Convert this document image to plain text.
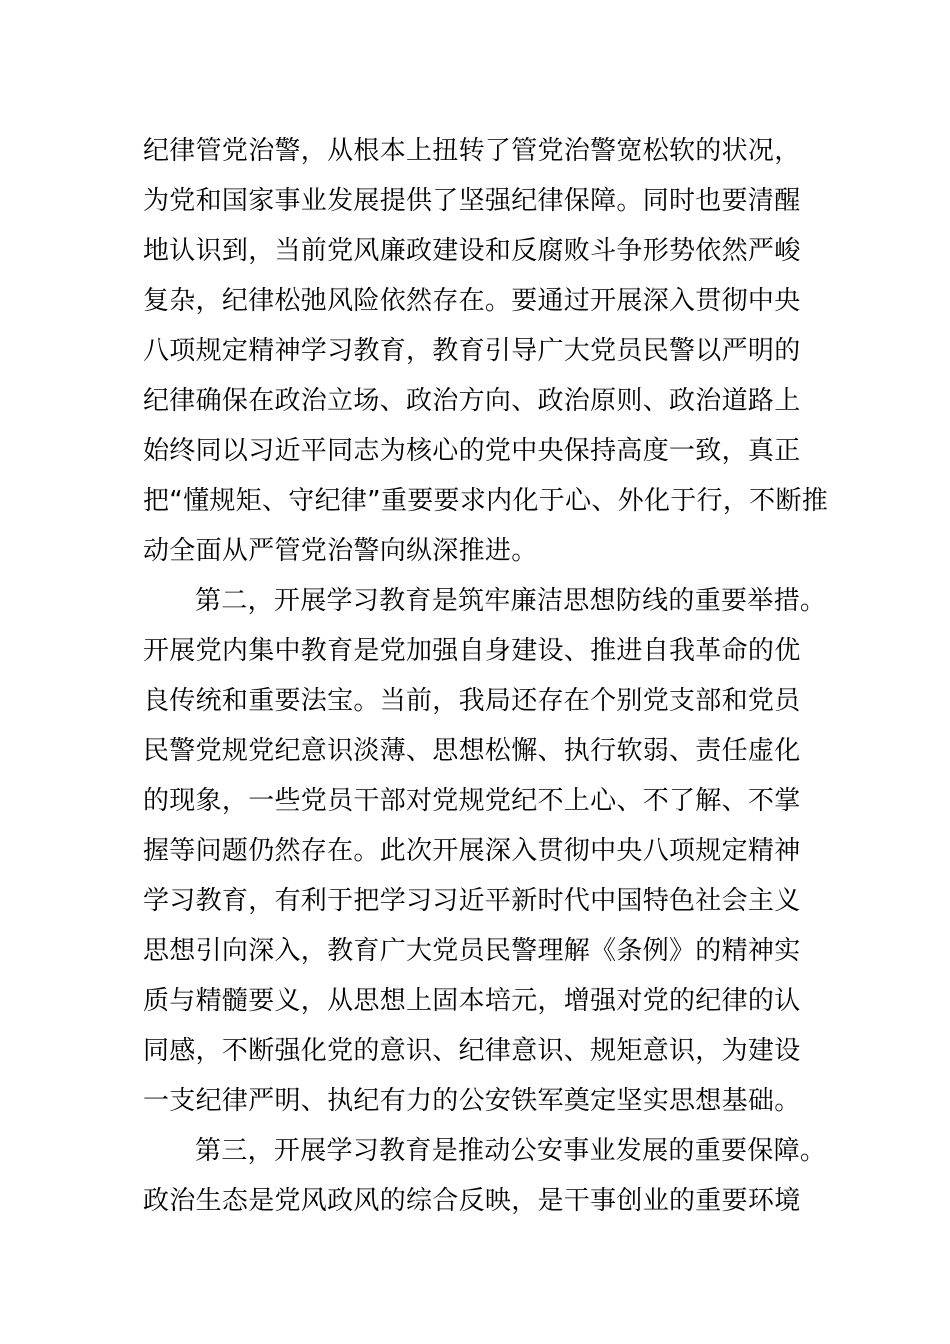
纪律管党治警，从根本上扭转了管党治警宽松软的状况，
为党和国家事业发展提供了坚强纪律保障。同时也要清醒
地认识到，当前党风廉政建设和反腐败斗争形势依然严峻
复杂，纪律松弛风险依然存在。要通过开展深入贯彻中央
八项规定精神学习教育，教育引导广大党员民警以严明的
纪律确保在政治立场、政治方向、政治原则、政治道路上
始终同以习近平同志为核心的党中央保持高度一致，真正
把“懂规矩、守纪律”重要要求内化于心、外化于行，不断推
动全面从严管党治警向纵深推进。
第二，开展学习教育是筑牢廉洁思想防线的重要举措。
开展党内集中教育是党加强自身建设、推进自我革命的优
良传统和重要法宝。当前，我局还存在个别党支部和党员
民警党规党纪意识淡薄、思想松懈、执行软弱、责任虚化
的现象，一些党员干部对党规党纪不上心、不了解、不掌
握等问题仍然存在。此次开展深入贯彻中央八项规定精神
学习教育，有利于把学习习近平新时代中国特色社会主义
思想引向深入，教育广大党员民警理解《条例》的精神实
质与精髓要义，从思想上固本培元，增强对党的纪律的认
同感，不断强化党的意识、纪律意识、规矩意识，为建设
一支纪律严明、执纪有力的公安铁军奠定坚实思想基础。
第三，开展学习教育是推动公安事业发展的重要保障。
政治生态是党风政风的综合反映，是干事创业的重要环境
